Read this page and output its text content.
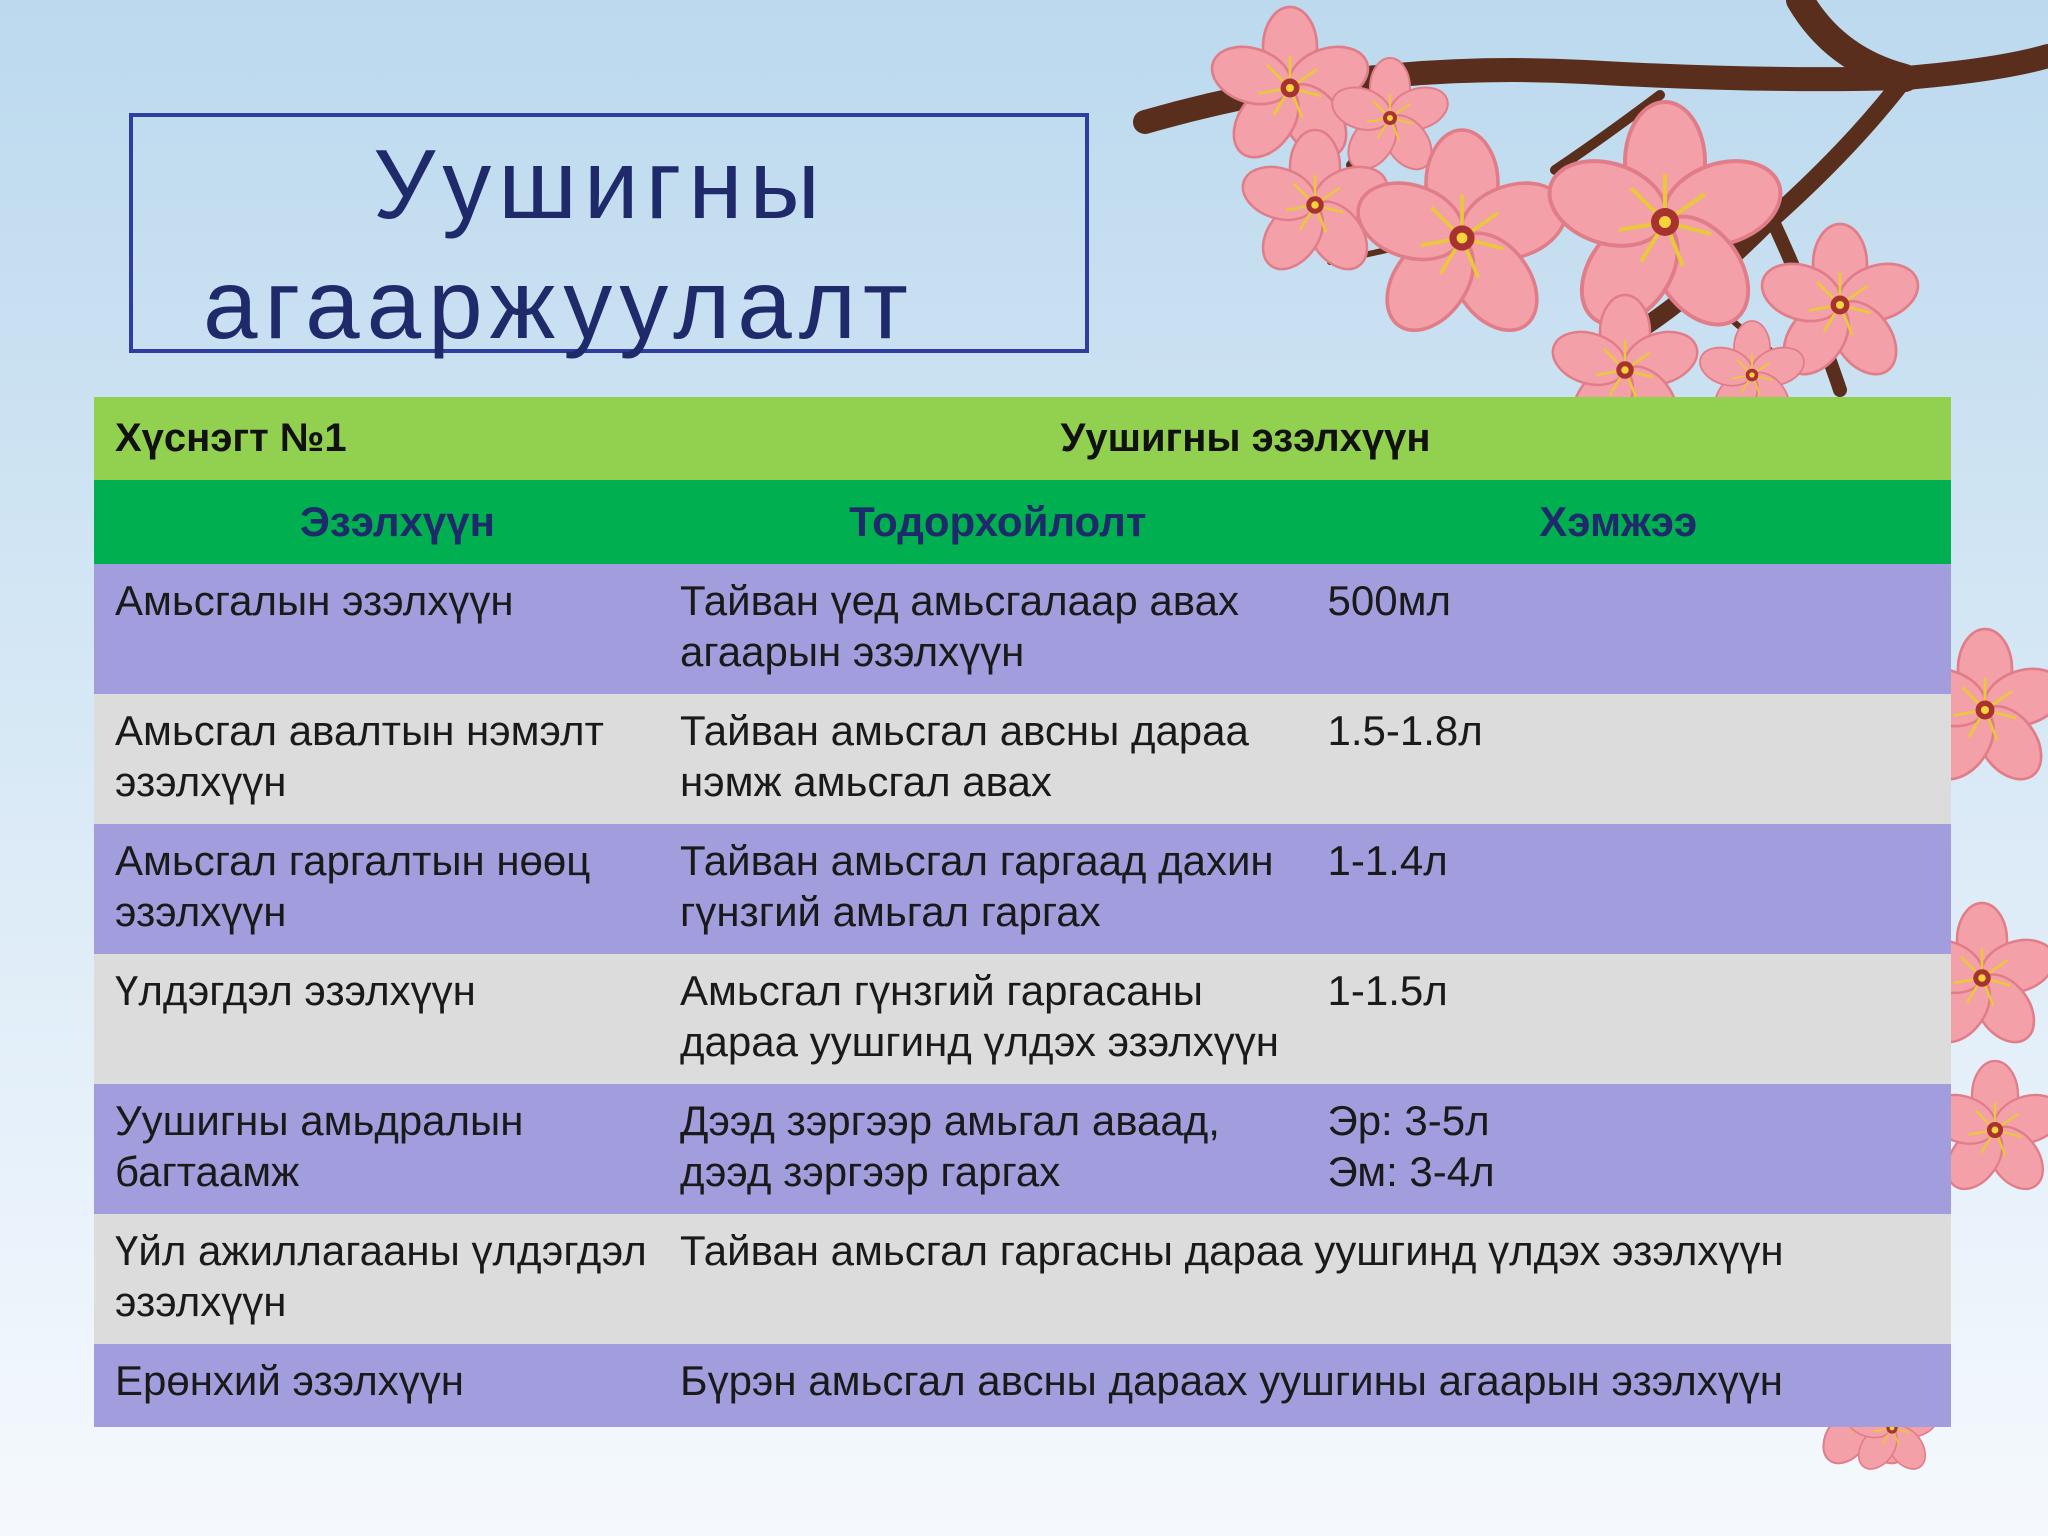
Уушигны
агааржуулалт
Хүснэгт №1	Уушигны эзэлхүүн	
Эзэлхүүн	Тодорхойлолт	Хэмжээ
Амьсгалын эзэлхүүн	Тайван үед амьсгалаар авах агаарын эзэлхүүн	500мл
Амьсгал авалтын нэмэлт эзэлхүүн	Тайван амьсгал авсны дараа нэмж амьсгал авах	1.5-1.8л
Амьсгал гаргалтын нөөц эзэлхүүн	Тайван амьсгал гаргаад дахин гүнзгий амьгал гаргах	1-1.4л
Үлдэгдэл эзэлхүүн	Амьсгал гүнзгий гаргасаны дараа уушгинд үлдэх эзэлхүүн	1-1.5л
Уушигны амьдралын багтаамж	Дээд зэргээр амьгал аваад, дээд зэргээр гаргах	Эр: 3-5л
Эм: 3-4л

Үйл ажиллагааны үлдэгдэл эзэлхүүн	Тайван амьсгал гаргасны дараа уушгинд үлдэх эзэлхүүн	
Ерөнхий эзэлхүүн	Бүрэн амьсгал авсны дараах уушгины агаарын эзэлхүүн	
